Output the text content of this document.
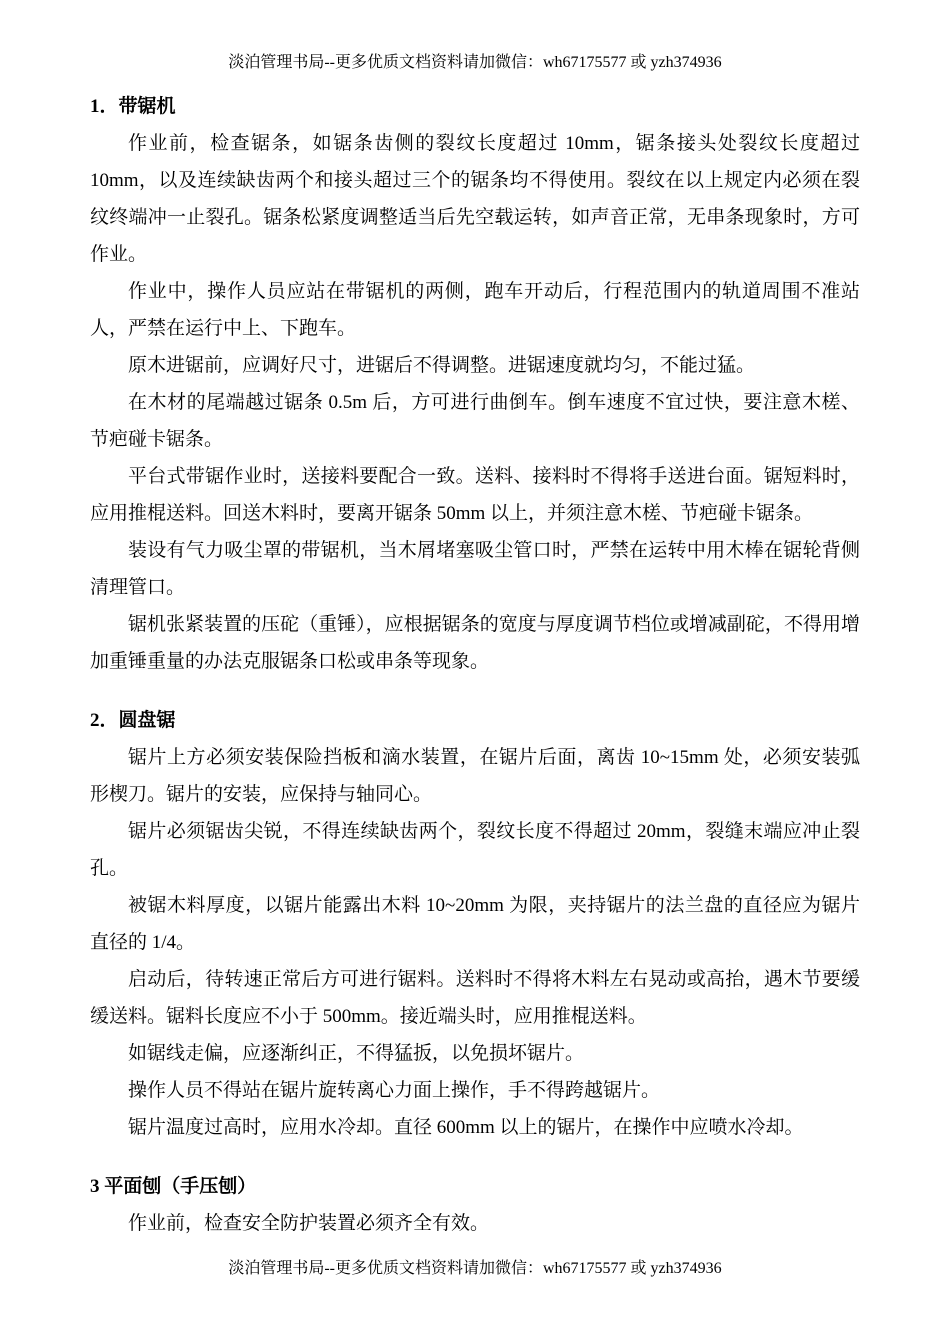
淡泊管理书局--更多优质文档资料请加微信：wh67175577 或 yzh374936
1．带锯机

作业前，检查锯条，如锯条齿侧的裂纹长度超过 10mm，锯条接头处裂纹长度超过 10mm，以及连续缺齿两个和接头超过三个的锯条均不得使用。裂纹在以上规定内必须在裂纹终端冲一止裂孔。锯条松紧度调整适当后先空载运转，如声音正常，无串条现象时，方可作业。

作业中，操作人员应站在带锯机的两侧，跑车开动后，行程范围内的轨道周围不准站人，严禁在运行中上、下跑车。

原木进锯前，应调好尺寸，进锯后不得调整。进锯速度就均匀，不能过猛。

在木材的尾端越过锯条 0.5m 后，方可进行曲倒车。倒车速度不宜过快，要注意木槎、节疤碰卡锯条。

平台式带锯作业时，送接料要配合一致。送料、接料时不得将手送进台面。锯短料时，应用推棍送料。回送木料时，要离开锯条 50mm 以上，并须注意木槎、节疤碰卡锯条。

装设有气力吸尘罩的带锯机，当木屑堵塞吸尘管口时，严禁在运转中用木棒在锯轮背侧清理管口。

锯机张紧装置的压砣（重锤），应根据锯条的宽度与厚度调节档位或增减副砣，不得用增加重锤重量的办法克服锯条口松或串条等现象。

2．圆盘锯

锯片上方必须安装保险挡板和滴水装置，在锯片后面，离齿 10~15mm 处，必须安装弧形楔刀。锯片的安装，应保持与轴同心。

锯片必须锯齿尖锐，不得连续缺齿两个，裂纹长度不得超过 20mm，裂缝末端应冲止裂孔。

被锯木料厚度，以锯片能露出木料 10~20mm 为限，夹持锯片的法兰盘的直径应为锯片直径的 1/4。

启动后，待转速正常后方可进行锯料。送料时不得将木料左右晃动或高抬，遇木节要缓缓送料。锯料长度应不小于 500mm。接近端头时，应用推棍送料。

如锯线走偏，应逐渐纠正，不得猛扳，以免损坏锯片。

操作人员不得站在锯片旋转离心力面上操作，手不得跨越锯片。

锯片温度过高时，应用水冷却。直径 600mm 以上的锯片，在操作中应喷水冷却。

3 平面刨（手压刨）

作业前，检查安全防护装置必须齐全有效。

淡泊管理书局--更多优质文档资料请加微信：wh67175577 或 yzh374936
